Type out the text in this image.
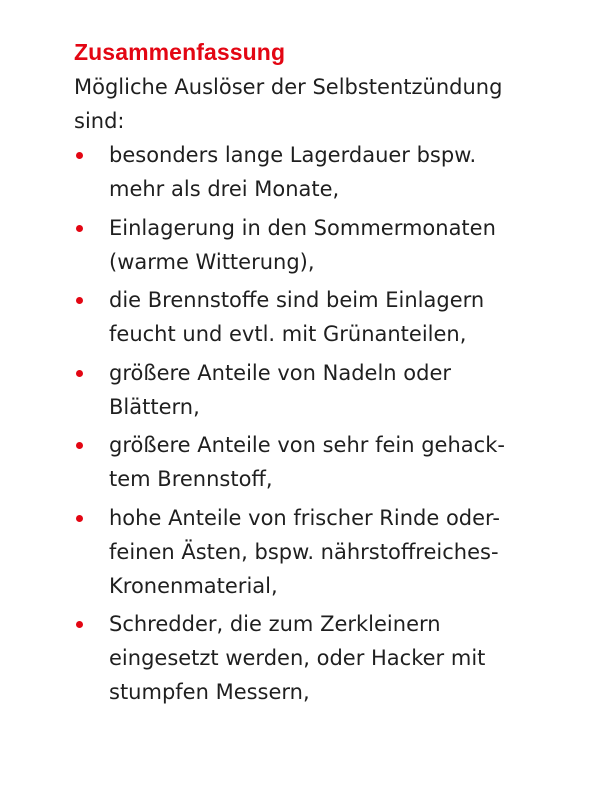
Zusammenfassung

Mögliche Auslöser der Selbstentzündung
sind:

besonders lange Lagerdauer bspw.
mehr als drei Monate,
Einlagerung in den Sommermonaten
(warme Witterung),
die Brennstoffe sind beim Einlagern
feucht und evtl. mit Grünanteilen,
größere Anteile von Nadeln oder
Blättern,
größere Anteile von sehr fein gehack-
tem Brennstoff,
hohe Anteile von frischer Rinde oder-
feinen Ästen, bspw. nährstoffreiches-
Kronenmaterial,
Schredder, die zum Zerkleinern
eingesetzt werden, oder Hacker mit
stumpfen Messern,
